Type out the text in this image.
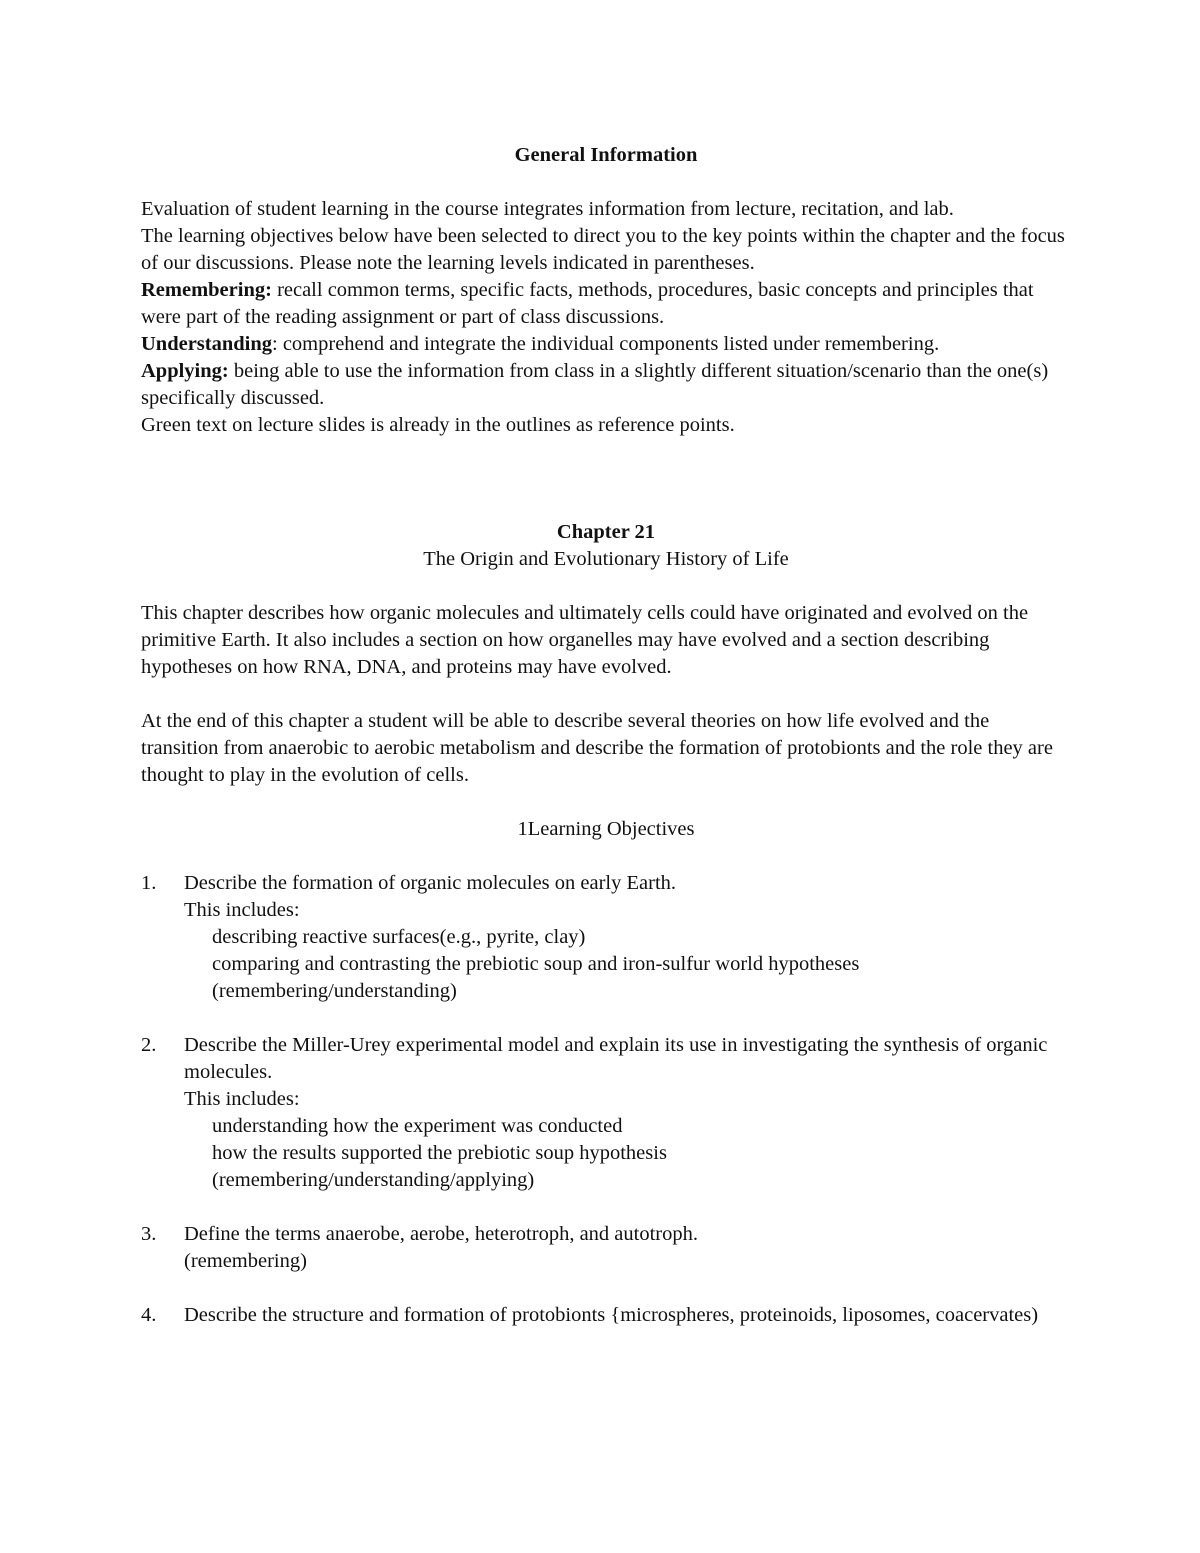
General Information

Evaluation of student learning in the course integrates information from lecture, recitation, and lab.

The learning objectives below have been selected to direct you to the key points within the chapter and the focus of our discussions. Please note the learning levels indicated in parentheses.

Remembering: recall common terms, specific facts, methods, procedures, basic concepts and principles that were part of the reading assignment or part of class discussions.

Understanding: comprehend and integrate the individual components listed under remembering.

Applying: being able to use the information from class in a slightly different situation/scenario than the one(s) specifically discussed.

Green text on lecture slides is already in the outlines as reference points.

Chapter 21

The Origin and Evolutionary History of Life

This chapter describes how organic molecules and ultimately cells could have originated and evolved on the primitive Earth. It also includes a section on how organelles may have evolved and a section describing hypotheses on how RNA, DNA, and proteins may have evolved.

At the end of this chapter a student will be able to describe several theories on how life evolved and the transition from anaerobic to aerobic metabolism and describe the formation of protobionts and the role they are thought to play in the evolution of cells.

1Learning Objectives

1. Describe the formation of organic molecules on early Earth.

This includes:

describing reactive surfaces(e.g., pyrite, clay)

comparing and contrasting the prebiotic soup and iron-sulfur world hypotheses

(remembering/understanding)

2. Describe the Miller-Urey experimental model and explain its use in investigating the synthesis of organic molecules.

This includes:

understanding how the experiment was conducted

how the results supported the prebiotic soup hypothesis

(remembering/understanding/applying)

3. Define the terms anaerobe, aerobe, heterotroph, and autotroph.

(remembering)

4. Describe the structure and formation of protobionts {microspheres, proteinoids, liposomes, coacervates)
